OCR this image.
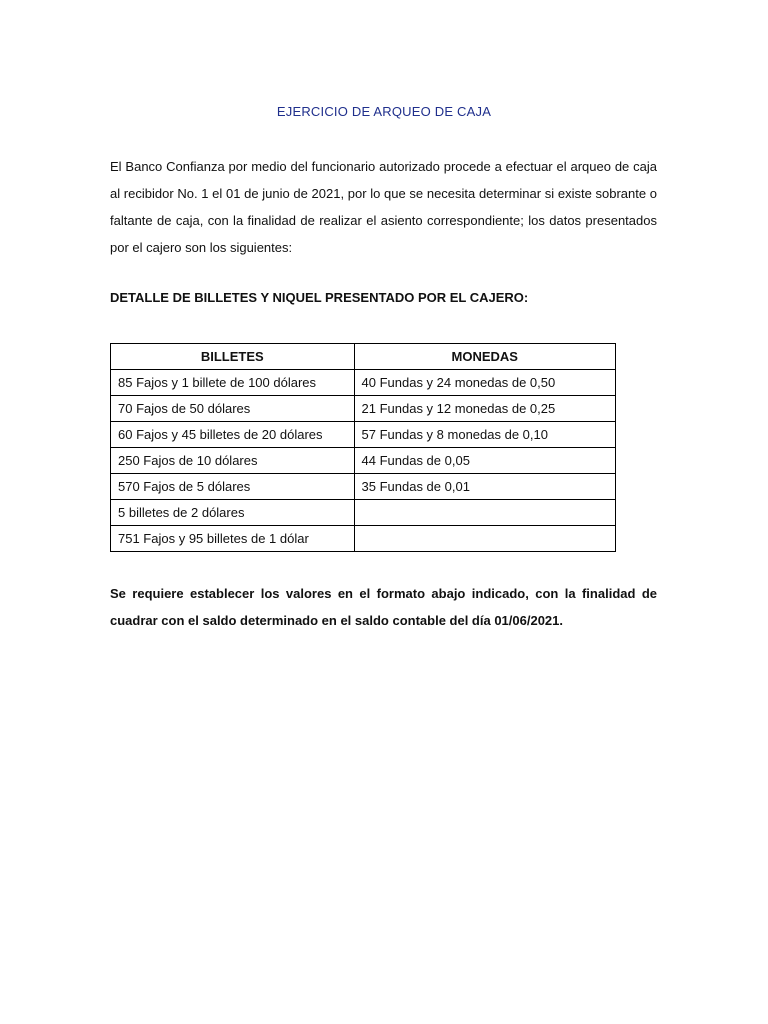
EJERCICIO DE ARQUEO DE CAJA

El Banco Confianza por medio del funcionario autorizado procede a efectuar el arqueo de caja al recibidor No. 1 el 01 de junio de 2021, por lo que se necesita determinar si existe sobrante o faltante de caja, con la finalidad de realizar el asiento correspondiente; los datos presentados por el cajero son los siguientes:

DETALLE DE BILLETES Y NIQUEL PRESENTADO POR EL CAJERO:

BILLETES	MONEDAS
85 Fajos y 1 billete de 100 dólares	40 Fundas y 24 monedas de 0,50
70 Fajos de 50 dólares	21 Fundas y 12 monedas de 0,25
60 Fajos y 45 billetes de 20 dólares	57 Fundas y 8 monedas de 0,10
250 Fajos de 10 dólares	44 Fundas de 0,05
570 Fajos de 5 dólares	35 Fundas de 0,01
5 billetes de 2 dólares	
751 Fajos y 95 billetes de 1 dólar	

Se requiere establecer los valores en el formato abajo indicado, con la finalidad de cuadrar con el saldo determinado en el saldo contable del día 01/06/2021.
